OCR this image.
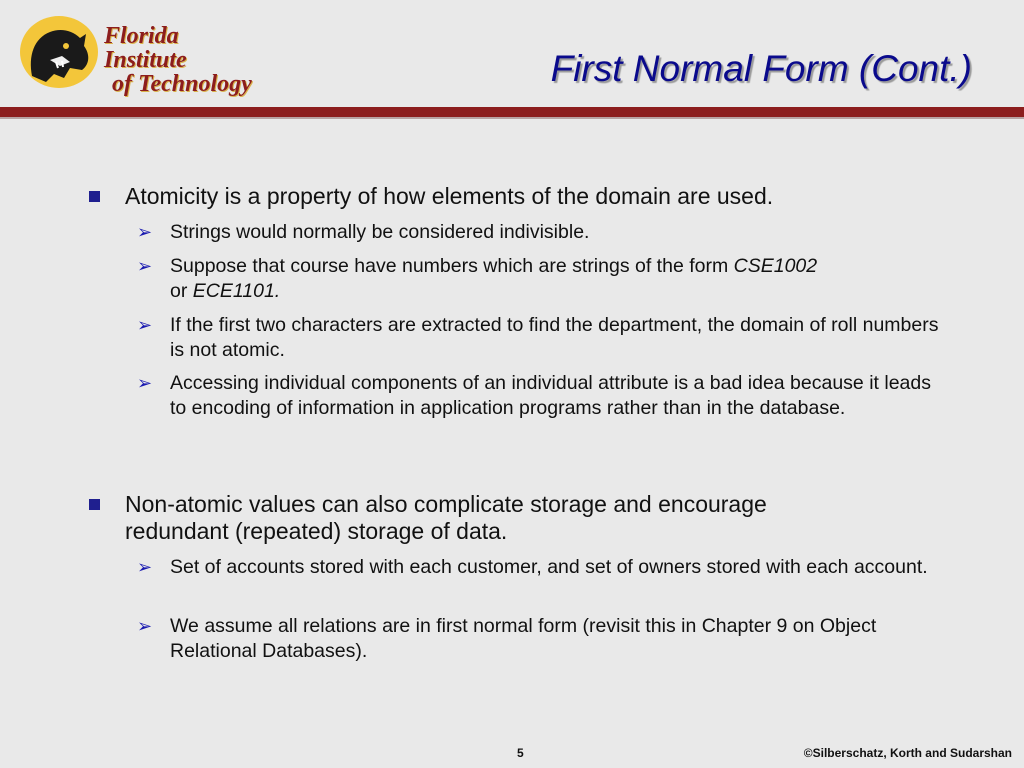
Florida Institute
of Technology	First Normal Form (Cont.)
Atomicity is a property of how elements of the domain are used.
➢ Strings would normally be considered indivisible.
➢ Suppose that course have numbers which are strings of the form CSE1002
or ECE1101.
➢ If the first two characters are extracted to find the department, the domain of roll numbers is not atomic.
➢ Accessing individual components of an individual attribute is a bad idea because it leads to encoding of information in application programs rather than in the database.
Non-atomic values can also complicate storage and encourage redundant (repeated) storage of data.
➢ Set of accounts stored with each customer, and set of owners stored with each account.
➢ We assume all relations are in first normal form (revisit this in Chapter 9 on Object Relational Databases).
5	©Silberschatz, Korth and Sudarshan
